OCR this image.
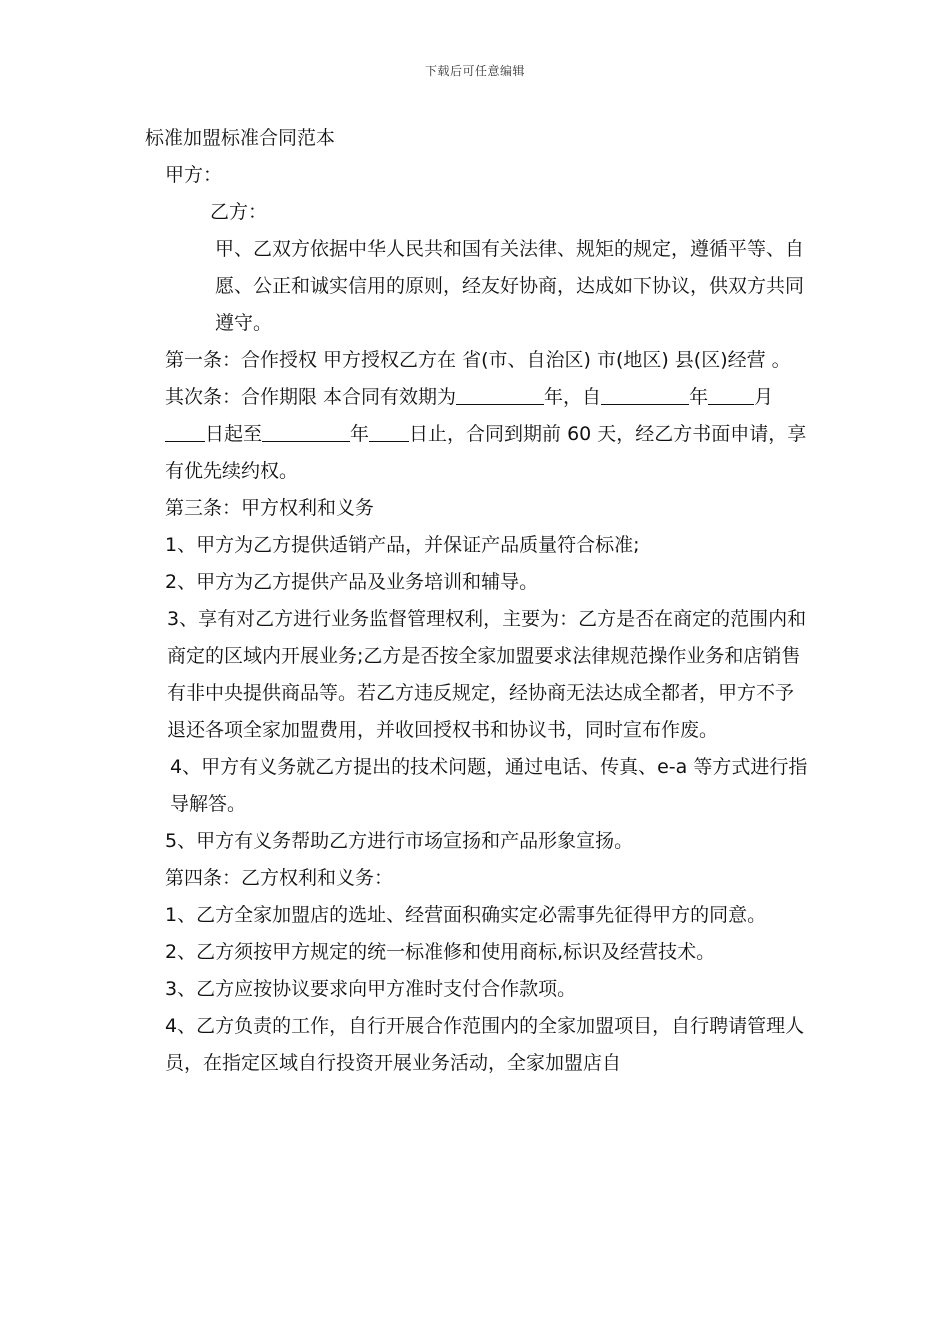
下载后可任意编辑

标准加盟标准合同范本

甲方：

乙方：

甲、乙双方依据中华人民共和国有关法律、规矩的规定，遵循平等、自愿、公正和诚实信用的原则，经友好协商，达成如下协议，供双方共同遵守。

第一条：合作授权 甲方授权乙方在 省(市、自治区) 市(地区) 县(区)经营 。

其次条：合作期限 本合同有效期为	年，自	年 月日起至	年 日止，合同到期前 60 天，经乙方书面申请，享有优先续约权。

第三条：甲方权利和义务

1、甲方为乙方提供适销产品，并保证产品质量符合标准;

2、甲方为乙方提供产品及业务培训和辅导。

3、享有对乙方进行业务监督管理权利，主要为：乙方是否在商定的范围内和商定的区域内开展业务;乙方是否按全家加盟要求法律规范操作业务和店销售有非中央提供商品等。若乙方违反规定，经协商无法达成全都者，甲方不予退还各项全家加盟费用，并收回授权书和协议书，同时宣布作废。

4、甲方有义务就乙方提出的技术问题，通过电话、传真、e-a 等方式进行指导解答。

5、甲方有义务帮助乙方进行市场宣扬和产品形象宣扬。

第四条：乙方权利和义务：

1、乙方全家加盟店的选址、经营面积确实定必需事先征得甲方的同意。

2、乙方须按甲方规定的统一标准修和使用商标,标识及经营技术。

3、乙方应按协议要求向甲方准时支付合作款项。

4、乙方负责的工作，自行开展合作范围内的全家加盟项目，自行聘请管理人员，在指定区域自行投资开展业务活动，全家加盟店自
